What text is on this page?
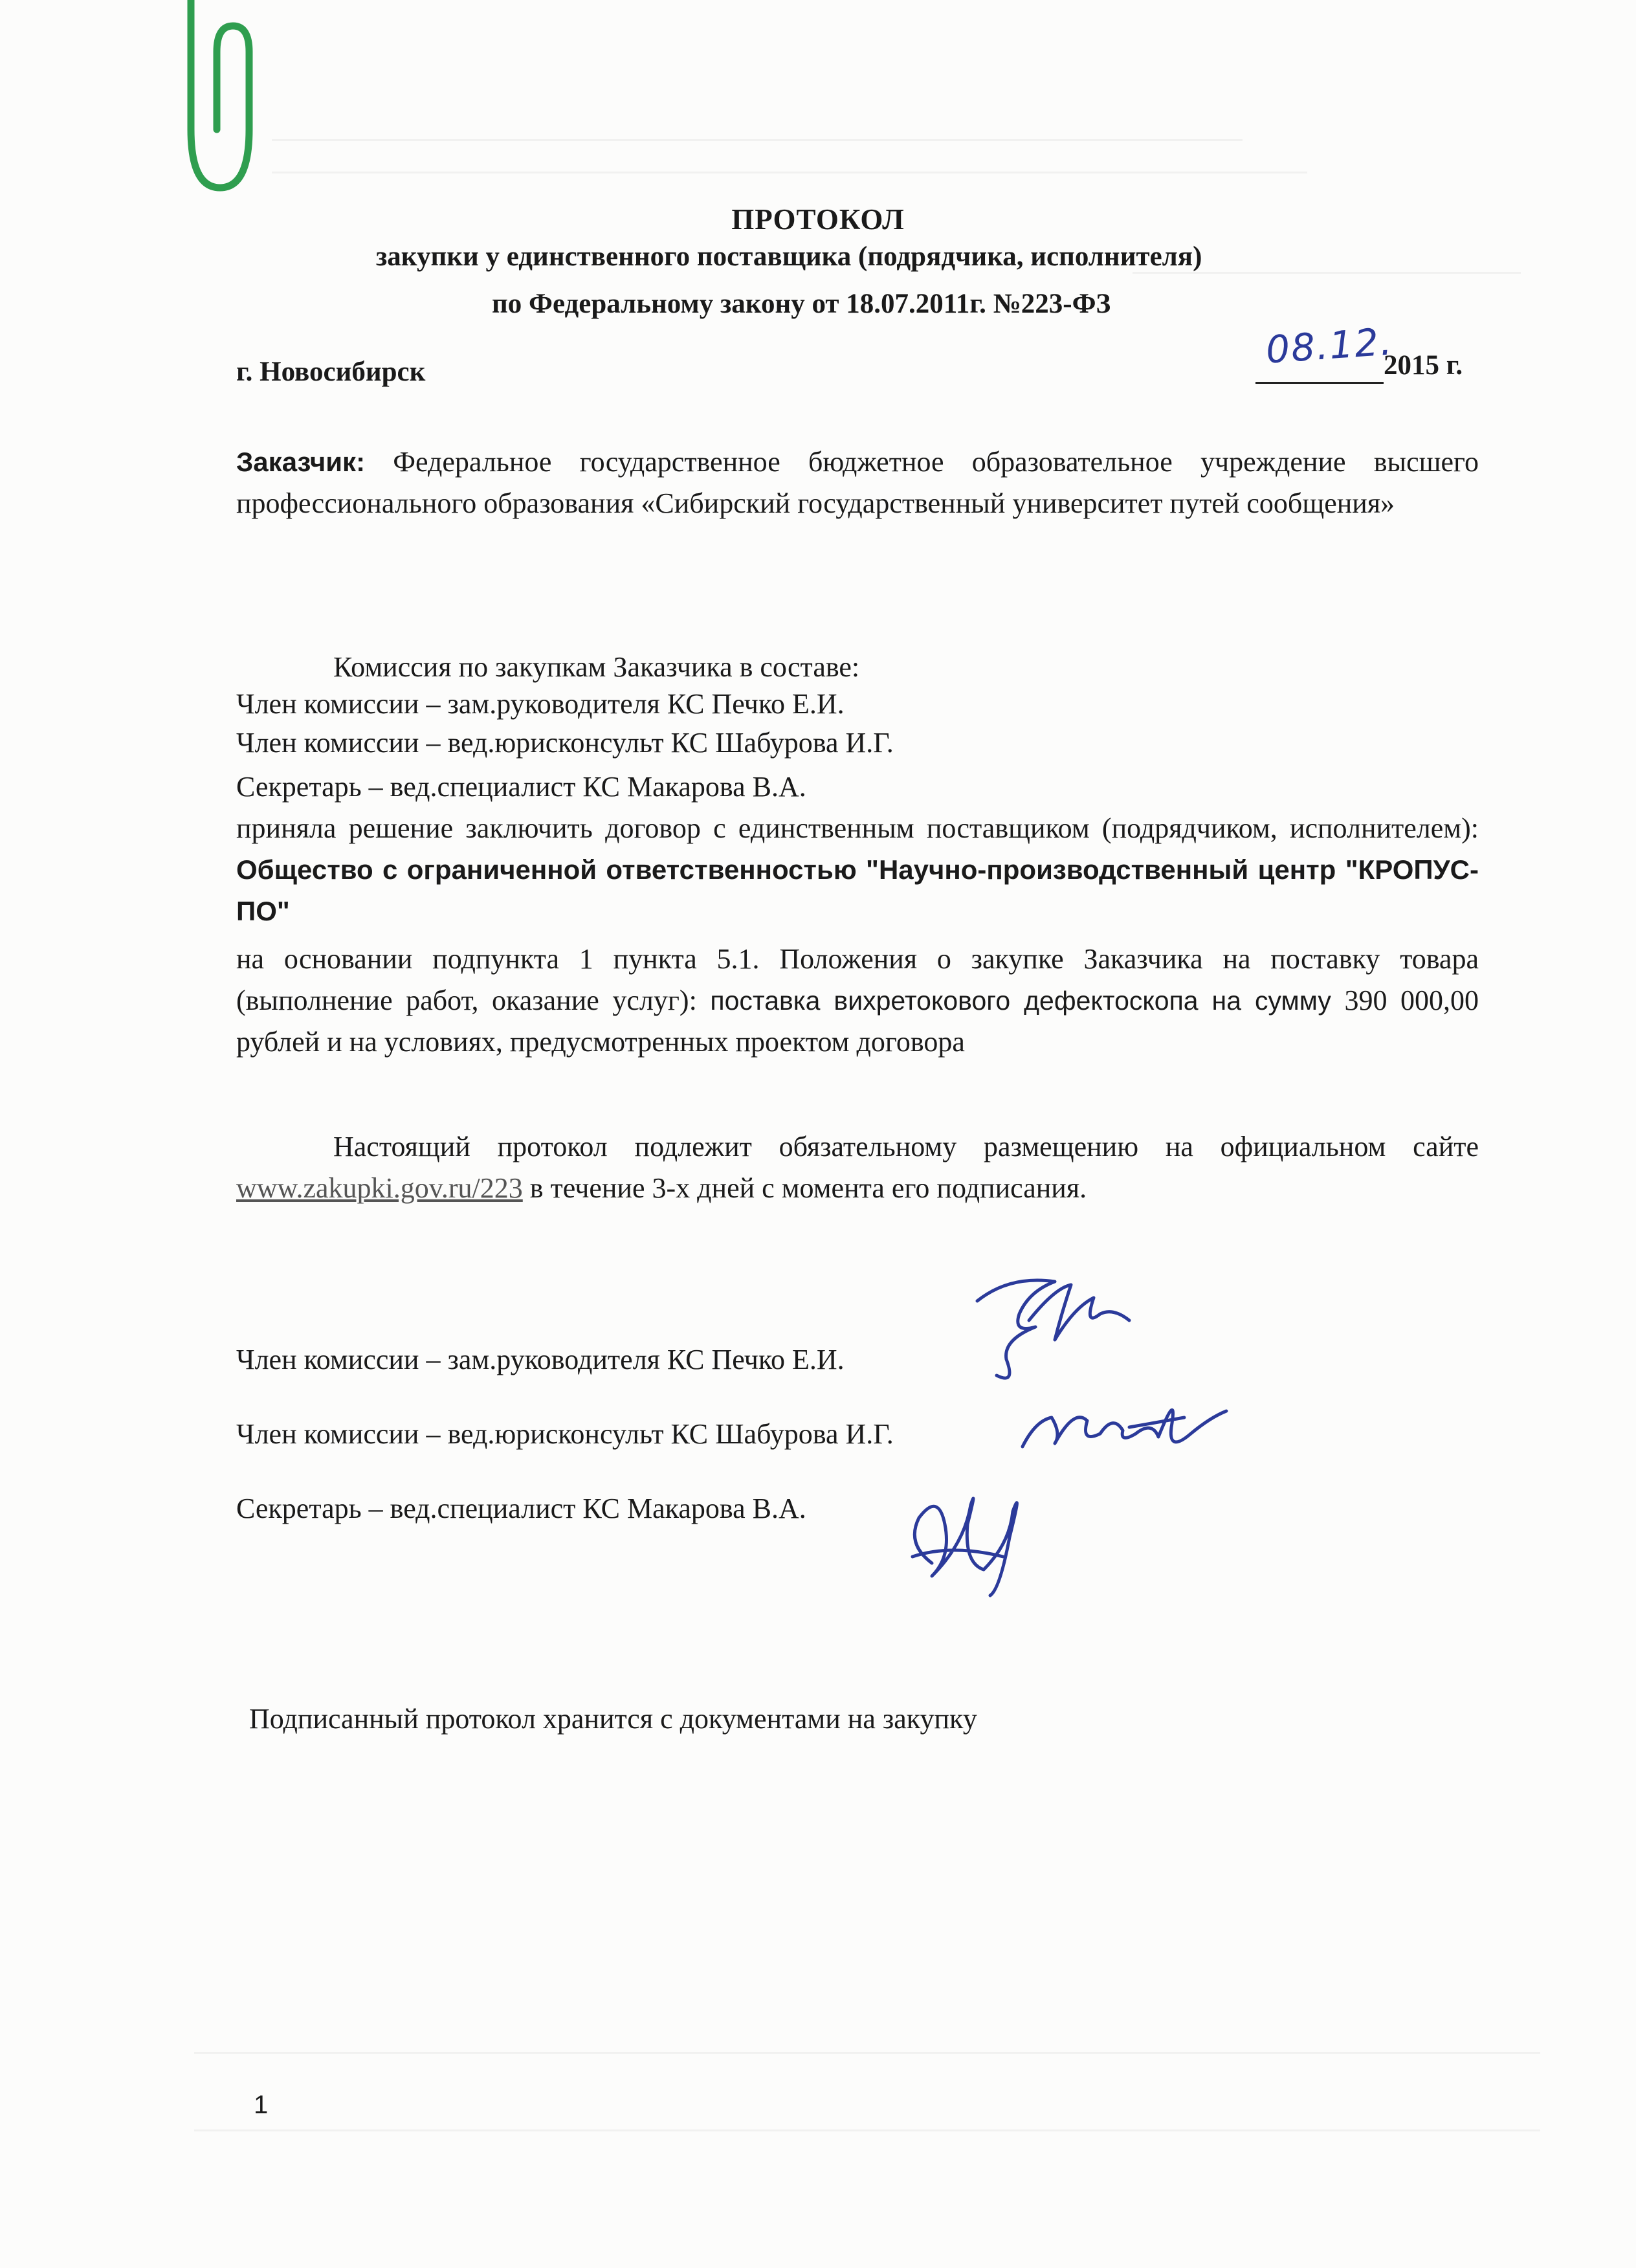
ПРОТОКОЛ
закупки у единственного поставщика (подрядчика, исполнителя)
по Федеральному закону от 18.07.2011г. №223-ФЗ
г. Новосибирск	08.12.
2015 г.
Заказчик: Федеральное государственное бюджетное образовательное учреждение высшего профессионального образования «Сибирский государственный университет путей сообщения»
Комиссия по закупкам Заказчика в составе:
Член комиссии – зам.руководителя КС Печко Е.И.
Член комиссии – вед.юрисконсульт КС Шабурова И.Г.
Секретарь – вед.специалист КС Макарова В.А.
приняла решение заключить договор с единственным поставщиком (подрядчиком, исполнителем): Общество с ограниченной ответственностью "Научно-производственный центр "КРОПУС-ПО"
на основании подпункта 1 пункта 5.1. Положения о закупке Заказчика на поставку товара (выполнение работ, оказание услуг): поставка вихретокового дефектоскопа на сумму 390 000,00 рублей и на условиях, предусмотренных проектом договора
Настоящий протокол подлежит обязательному размещению на официальном сайте www.zakupki.gov.ru/223 в течение 3-х дней с момента его подписания.
Член комиссии – зам.руководителя КС Печко Е.И.
Член комиссии – вед.юрисконсульт КС Шабурова И.Г.
Секретарь – вед.специалист КС Макарова В.А.
Подписанный протокол хранится с документами на закупку
1
